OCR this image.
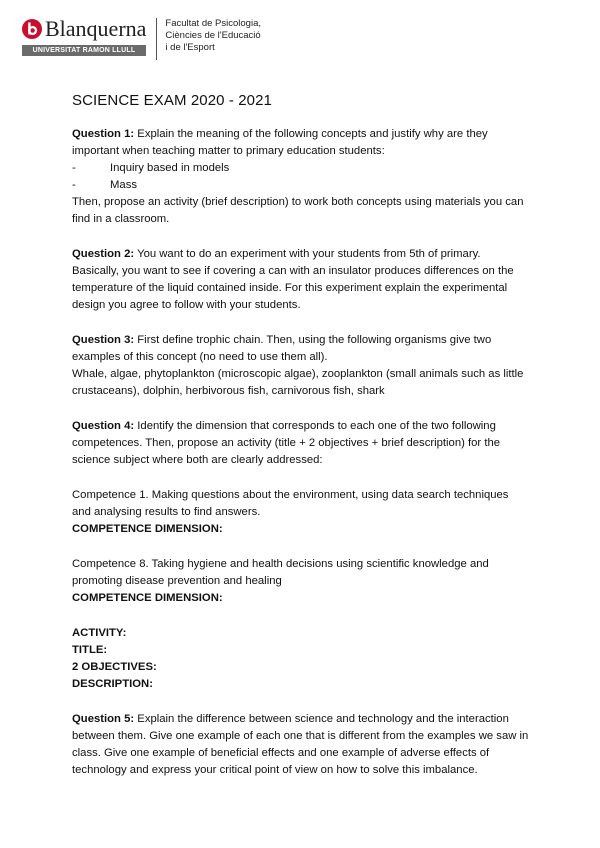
Blanquerna
UNIVERSITAT RAMON LLULL
Facultat de Psicologia,
Ciències de l'Educació
i de l'Esport
SCIENCE EXAM 2020 - 2021

Question 1: Explain the meaning of the following concepts and justify why are they important when teaching matter to primary education students:

-	Inquiry based in models
-	Mass

Then, propose an activity (brief description) to work both concepts using materials you can find in a classroom.

Question 2: You want to do an experiment with your students from 5th of primary. Basically, you want to see if covering a can with an insulator produces differences on the temperature of the liquid contained inside. For this experiment explain the experimental design you agree to follow with your students.

Question 3: First define trophic chain. Then, using the following organisms give two examples of this concept (no need to use them all).

Whale, algae, phytoplankton (microscopic algae), zooplankton (small animals such as little crustaceans), dolphin, herbivorous fish, carnivorous fish, shark

Question 4: Identify the dimension that corresponds to each one of the two following competences. Then, propose an activity (title + 2 objectives + brief description) for the science subject where both are clearly addressed:

Competence 1. Making questions about the environment, using data search techniques and analysing results to find answers.

COMPETENCE DIMENSION:

Competence 8. Taking hygiene and health decisions using scientific knowledge and promoting disease prevention and healing

COMPETENCE DIMENSION:

ACTIVITY:

TITLE:

2 OBJECTIVES:

DESCRIPTION:

Question 5: Explain the difference between science and technology and the interaction between them. Give one example of each one that is different from the examples we saw in class. Give one example of beneficial effects and one example of adverse effects of technology and express your critical point of view on how to solve this imbalance.
